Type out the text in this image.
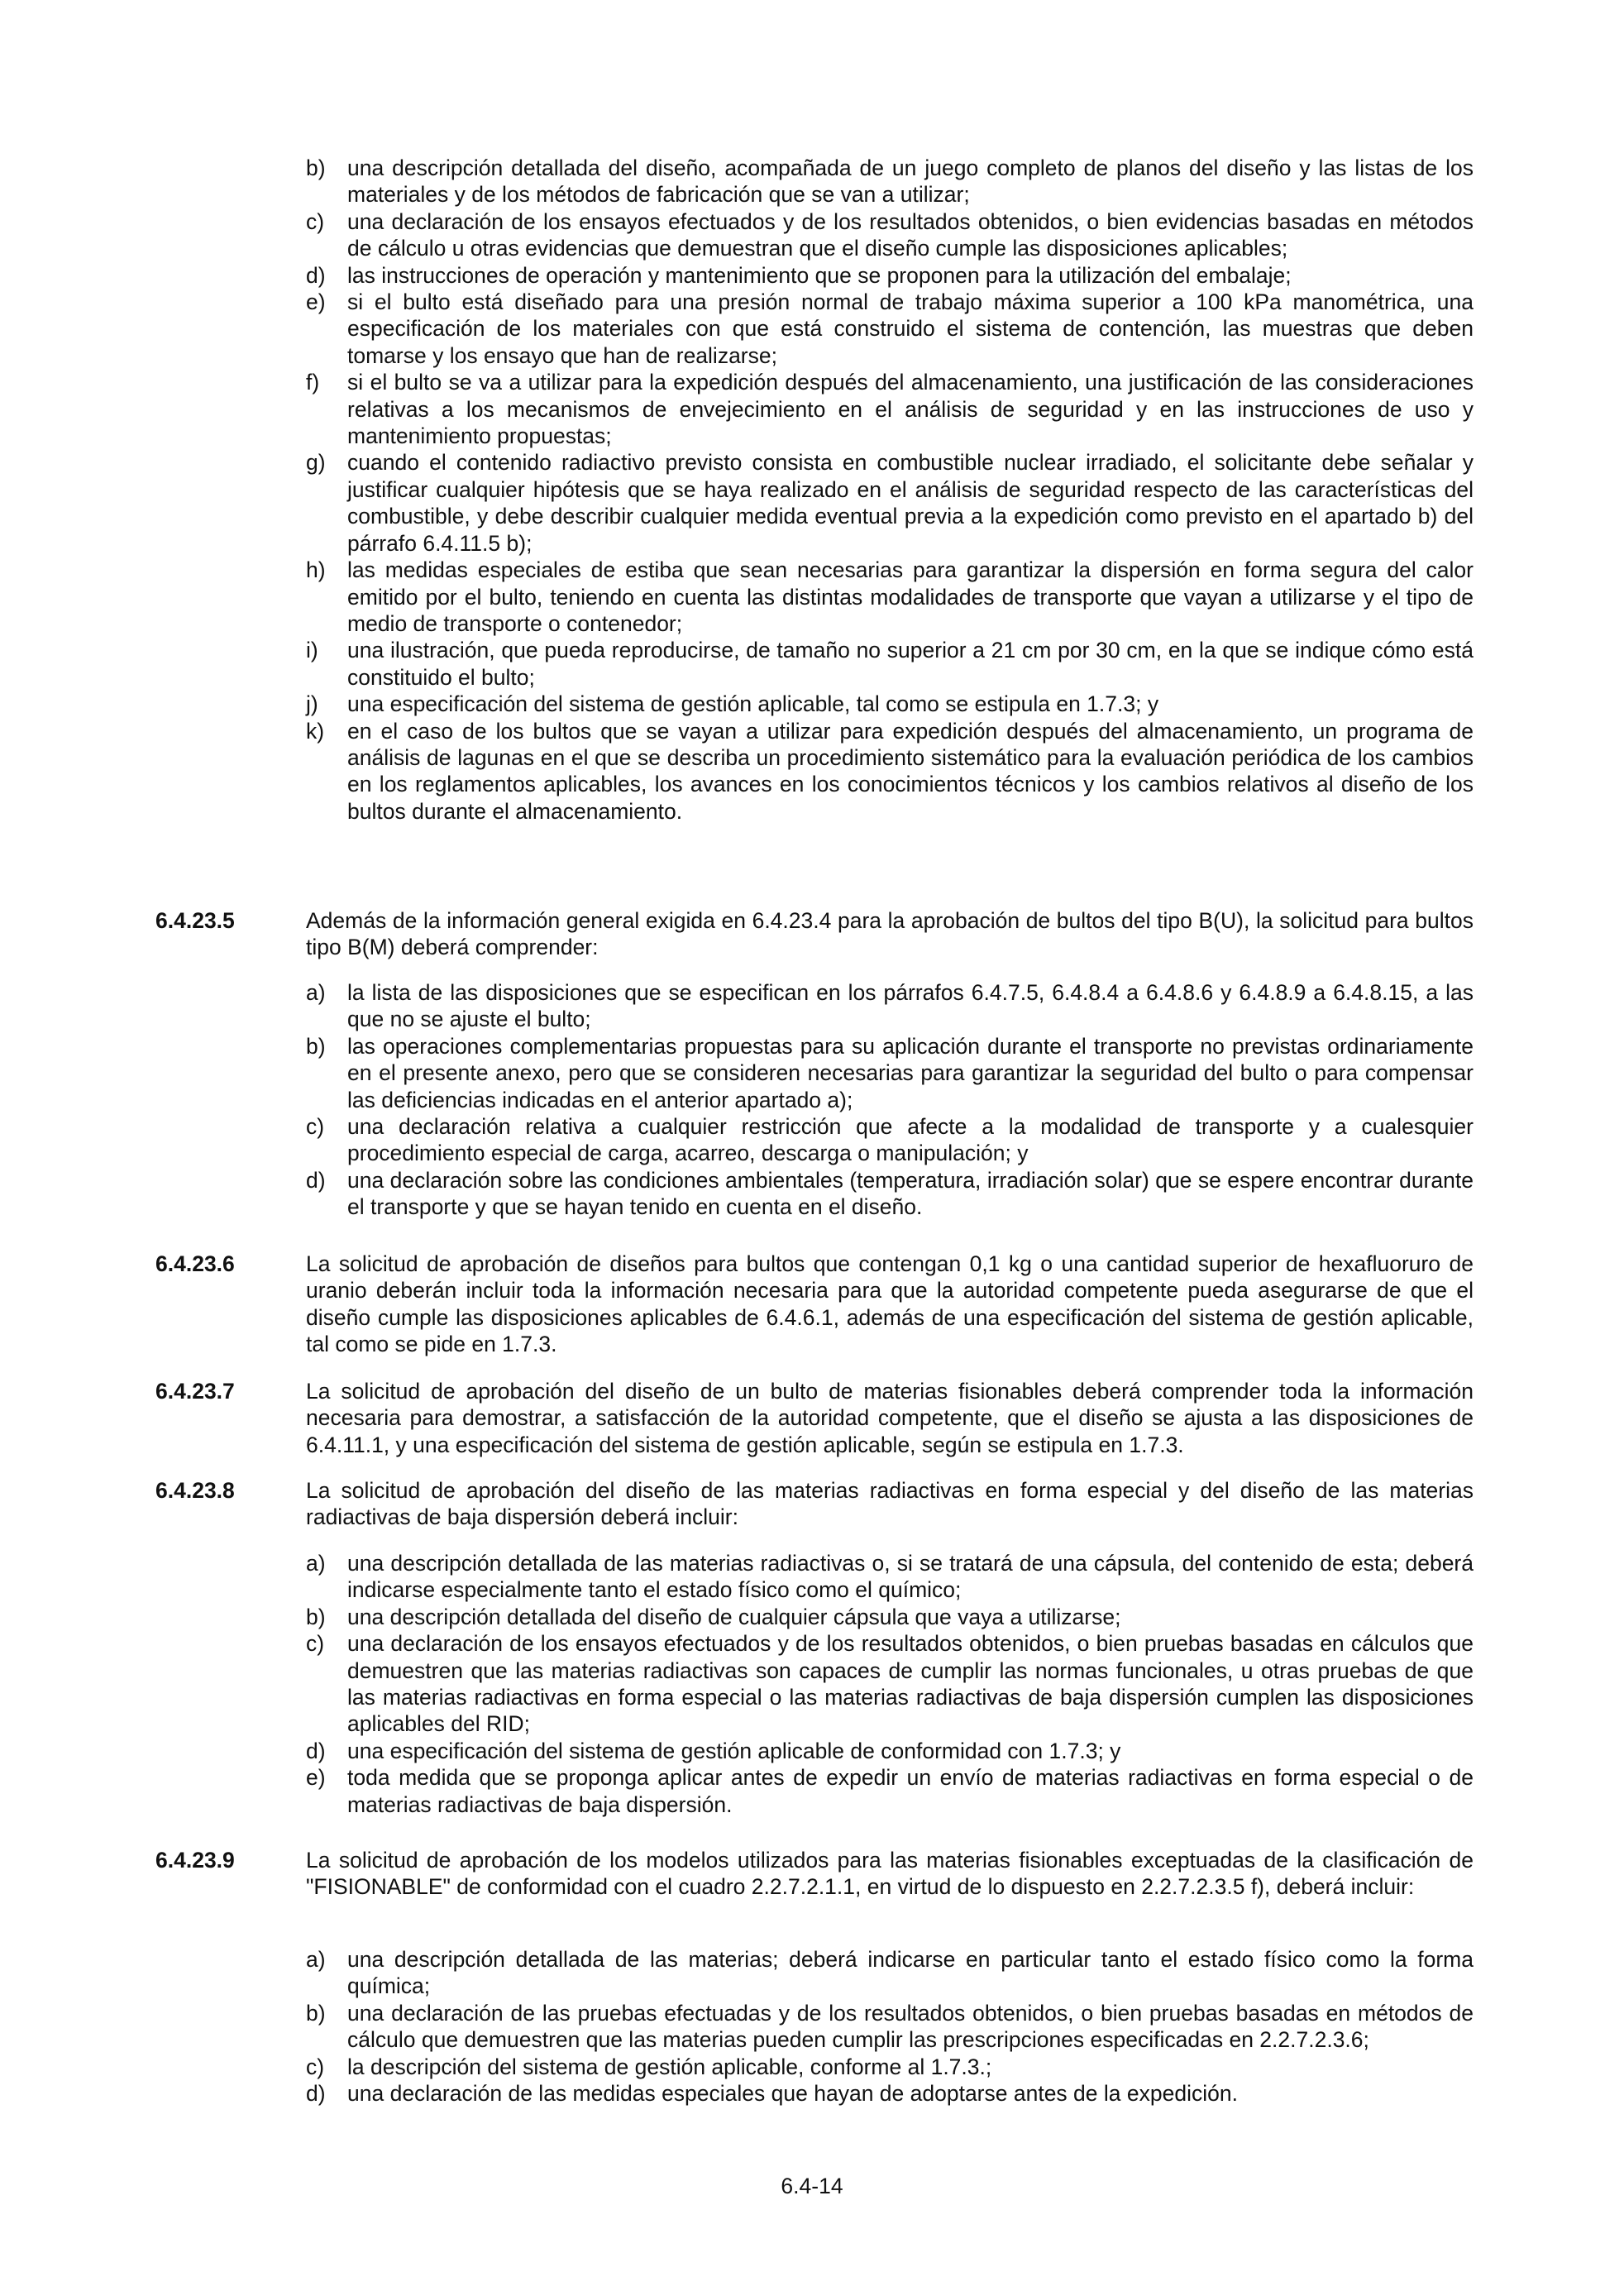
b) una descripción detallada del diseño, acompañada de un juego completo de planos del diseño y las listas de los materiales y de los métodos de fabricación que se van a utilizar;
c)	una declaración de los ensayos efectuados y de los resultados obtenidos, o bien evidencias basadas en métodos de cálculo u otras evidencias que demuestran que el diseño cumple las disposiciones aplicables;
d) las instrucciones de operación y mantenimiento que se proponen para la utilización del embalaje;
e) si el bulto está diseñado para una presión normal de trabajo máxima superior a 100 kPa manométrica, una especificación de los materiales con que está construido el sistema de contención, las muestras que deben tomarse y los ensayo que han de realizarse;
f)	si el bulto se va a utilizar para la expedición después del almacenamiento, una justificación de las consideraciones relativas a los mecanismos de envejecimiento en el análisis de seguridad y en las instrucciones de uso y mantenimiento propuestas;
g) cuando el contenido radiactivo previsto consista en combustible nuclear irradiado, el solicitante debe señalar y justificar cualquier hipótesis que se haya realizado en el análisis de seguridad respecto de las características del combustible, y debe describir cualquier medida eventual previa a la expedición como previsto en el apartado b) del párrafo 6.4.11.5 b);
h) las medidas especiales de estiba que sean necesarias para garantizar la dispersión en forma segura del calor emitido por el bulto, teniendo en cuenta las distintas modalidades de transporte que vayan a utilizarse y el tipo de medio de transporte o contenedor;
i)	una ilustración, que pueda reproducirse, de tamaño no superior a 21 cm por 30 cm, en la que se indique cómo está constituido el bulto;
j)	una especificación del sistema de gestión aplicable, tal como se estipula en 1.7.3; y
k)	en el caso de los bultos que se vayan a utilizar para expedición después del almacenamiento, un programa de análisis de lagunas en el que se describa un procedimiento sistemático para la evaluación periódica de los cambios en los reglamentos aplicables, los avances en los conocimientos técnicos y los cambios relativos al diseño de los bultos durante el almacenamiento.
6.4.23.5	Además de la información general exigida en 6.4.23.4 para la aprobación de bultos del tipo B(U), la solicitud para bultos tipo B(M) deberá comprender:
a) la lista de las disposiciones que se especifican en los párrafos 6.4.7.5, 6.4.8.4 a 6.4.8.6 y 6.4.8.9 a 6.4.8.15, a las que no se ajuste el bulto;
b) las operaciones complementarias propuestas para su aplicación durante el transporte no previstas ordinariamente en el presente anexo, pero que se consideren necesarias para garantizar la seguridad del bulto o para compensar las deficiencias indicadas en el anterior apartado a);
c)	una declaración relativa a cualquier restricción que afecte a la modalidad de transporte y a cualesquier procedimiento especial de carga, acarreo, descarga o manipulación; y
d) una declaración sobre las condiciones ambientales (temperatura, irradiación solar) que se espere encontrar durante el transporte y que se hayan tenido en cuenta en el diseño.
6.4.23.6	La solicitud de aprobación de diseños para bultos que contengan 0,1 kg o una cantidad superior de hexafluoruro de uranio deberán incluir toda la información necesaria para que la autoridad competente pueda asegurarse de que el diseño cumple las disposiciones aplicables de 6.4.6.1, además de una especificación del sistema de gestión aplicable, tal como se pide en 1.7.3.
6.4.23.7	La solicitud de aprobación del diseño de un bulto de materias fisionables deberá comprender toda la información necesaria para demostrar, a satisfacción de la autoridad competente, que el diseño se ajusta a las disposiciones de 6.4.11.1, y una especificación del sistema de gestión aplicable, según se estipula en 1.7.3.
6.4.23.8	La solicitud de aprobación del diseño de las materias radiactivas en forma especial y del diseño de las materias radiactivas de baja dispersión deberá incluir:
a) una descripción detallada de las materias radiactivas o, si se tratará de una cápsula, del contenido de esta; deberá indicarse especialmente tanto el estado físico como el químico;
b) una descripción detallada del diseño de cualquier cápsula que vaya a utilizarse;
c)	una declaración de los ensayos efectuados y de los resultados obtenidos, o bien pruebas basadas en cálculos que demuestren que las materias radiactivas son capaces de cumplir las normas funcionales, u otras pruebas de que las materias radiactivas en forma especial o las materias radiactivas de baja dispersión cumplen las disposiciones aplicables del RID;
d) una especificación del sistema de gestión aplicable de conformidad con 1.7.3; y
e) toda medida que se proponga aplicar antes de expedir un envío de materias radiactivas en forma especial o de materias radiactivas de baja dispersión.
6.4.23.9	La solicitud de aprobación de los modelos utilizados para las materias fisionables exceptuadas de la clasificación de "FISIONABLE" de conformidad con el cuadro 2.2.7.2.1.1, en virtud de lo dispuesto en 2.2.7.2.3.5 f), deberá incluir:
a) una descripción detallada de las materias; deberá indicarse en particular tanto el estado físico como la forma química;
b) una declaración de las pruebas efectuadas y de los resultados obtenidos, o bien pruebas basadas en métodos de cálculo que demuestren que las materias pueden cumplir las prescripciones especificadas en 2.2.7.2.3.6;
c)	la descripción del sistema de gestión aplicable, conforme al 1.7.3.;
d) una declaración de las medidas especiales que hayan de adoptarse antes de la expedición.
6.4-14
